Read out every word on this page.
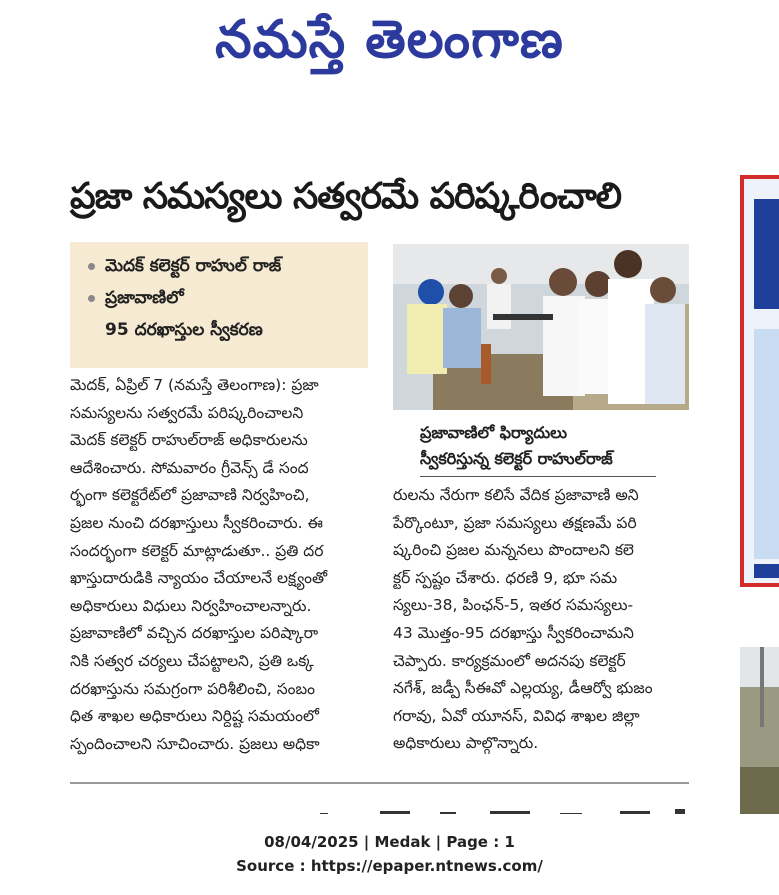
నమస్తే తెలంగాణ
ప్రజా సమస్యలు సత్వరమే పరిష్కరించాలి
మెదక్ కలెక్టర్ రాహుల్ రాజ్
ప్రజావాణిలో
95 దరఖాస్తుల స్వీకరణ
ప్రజావాణిలో ఫిర్యాదులు
స్వీకరిస్తున్న కలెక్టర్ రాహుల్‌రాజ్
మెదక్, ఏప్రిల్ 7 (నమస్తే తెలంగాణ): ప్రజా
సమస్యలను సత్వరమే పరిష్కరించాలని
మెదక్ కలెక్టర్ రాహుల్‌రాజ్ అధికారులను
ఆదేశించారు. సోమవారం గ్రీవెన్స్ డే సంద
ర్భంగా కలెక్టరేట్‌లో ప్రజావాణి నిర్వహించి,
ప్రజల నుంచి దరఖాస్తులు స్వీకరించారు. ఈ
సందర్భంగా కలెక్టర్ మాట్లాడుతూ.. ప్రతి దర
ఖాస్తుదారుడికి న్యాయం చేయాలనే లక్ష్యంతో
అధికారులు విధులు నిర్వహించాలన్నారు.
ప్రజావాణిలో వచ్చిన దరఖాస్తుల పరిష్కారా
నికి సత్వర చర్యలు చేపట్టాలని, ప్రతి ఒక్క
దరఖాస్తును సమగ్రంగా పరిశీలించి, సంబం
ధిత శాఖల అధికారులు నిర్దిష్ట సమయంలో
స్పందించాలని సూచించారు. ప్రజలు అధికా
రులను నేరుగా కలిసే వేదిక ప్రజావాణి అని
పేర్కొంటూ, ప్రజా సమస్యలు తక్షణమే పరి
ష్కరించి ప్రజల మన్ననలు పొందాలని కలె
క్టర్ స్పష్టం చేశారు. ధరణి 9, భూ సమ
స్యలు-38, పింఛన్-5, ఇతర సమస్యలు-
43 మొత్తం-95 దరఖాస్తు స్వీకరించామని
చెప్పారు. కార్యక్రమంలో అదనపు కలెక్టర్
నగేశ్, జడ్పీ సీఈవో ఎల్లయ్య, డీఆర్వో భుజం
గరావు, ఏవో యూనస్, వివిధ శాఖల జిల్లా
అధికారులు పాల్గొన్నారు.
08/04/2025 | Medak | Page : 1
Source : https://epaper.ntnews.com/
